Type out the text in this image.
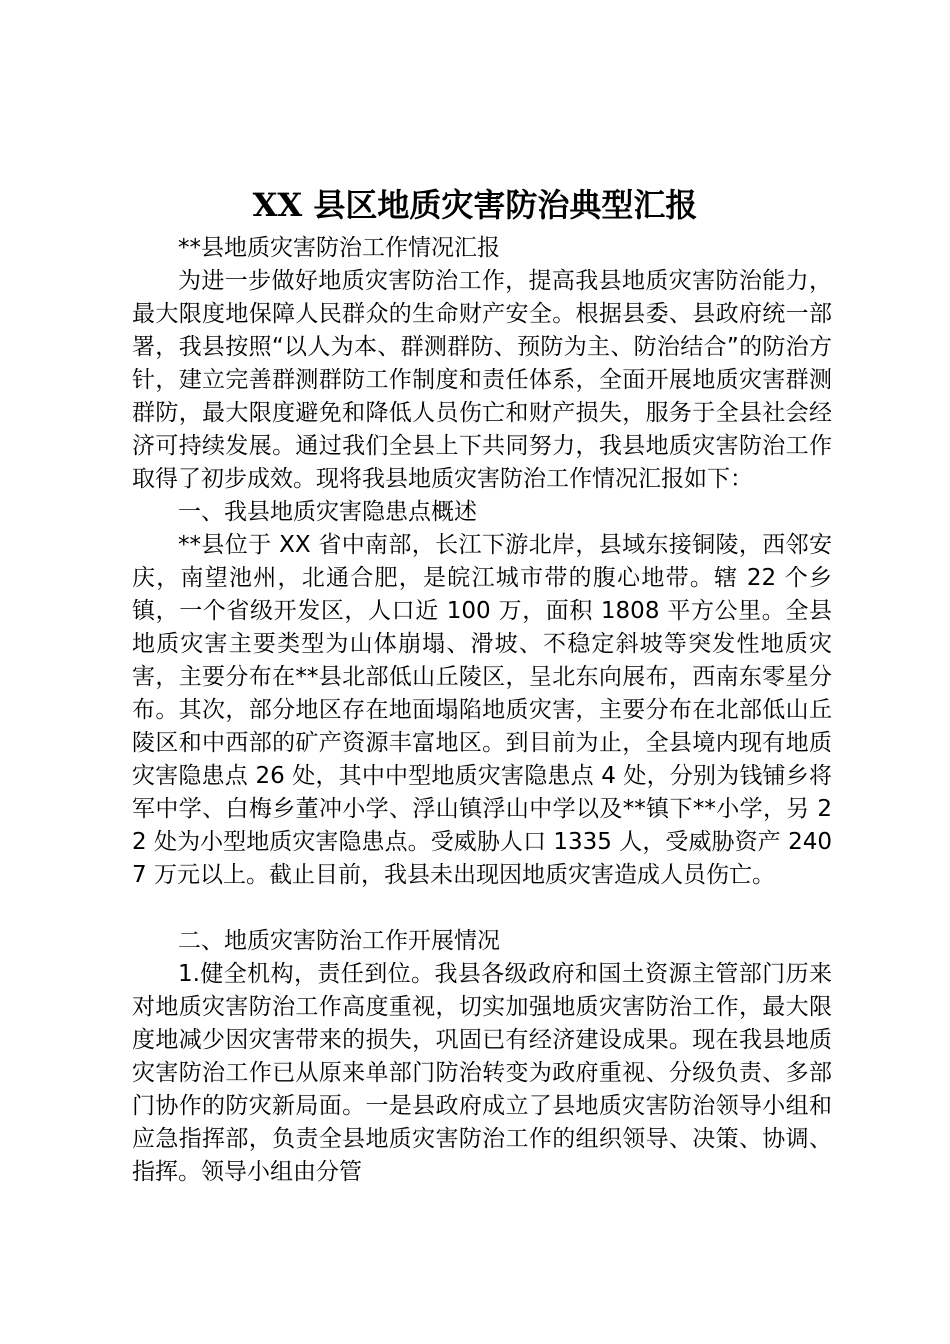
XX 县区地质灾害防治典型汇报

**县地质灾害防治工作情况汇报

为进一步做好地质灾害防治工作，提高我县地质灾害防治能力，最大限度地保障人民群众的生命财产安全。根据县委、县政府统一部署，我县按照“以人为本、群测群防、预防为主、防治结合”的防治方针，建立完善群测群防工作制度和责任体系，全面开展地质灾害群测群防，最大限度避免和降低人员伤亡和财产损失，服务于全县社会经济可持续发展。通过我们全县上下共同努力，我县地质灾害防治工作取得了初步成效。现将我县地质灾害防治工作情况汇报如下：

一、我县地质灾害隐患点概述

**县位于 XX 省中南部，长江下游北岸，县域东接铜陵，西邻安庆，南望池州，北通合肥，是皖江城市带的腹心地带。辖 22 个乡镇，一个省级开发区，人口近 100 万，面积 1808 平方公里。全县地质灾害主要类型为山体崩塌、滑坡、不稳定斜坡等突发性地质灾害，主要分布在**县北部低山丘陵区，呈北东向展布，西南东零星分布。其次，部分地区存在地面塌陷地质灾害，主要分布在北部低山丘陵区和中西部的矿产资源丰富地区。到目前为止，全县境内现有地质灾害隐患点 26 处，其中中型地质灾害隐患点 4 处，分别为钱铺乡将军中学、白梅乡董冲小学、浮山镇浮山中学以及**镇下**小学，另 22 处为小型地质灾害隐患点。受威胁人口 1335 人，受威胁资产 2407 万元以上。截止目前，我县未出现因地质灾害造成人员伤亡。

二、地质灾害防治工作开展情况

1.健全机构，责任到位。我县各级政府和国土资源主管部门历来对地质灾害防治工作高度重视，切实加强地质灾害防治工作，最大限度地减少因灾害带来的损失，巩固已有经济建设成果。现在我县地质灾害防治工作已从原来单部门防治转变为政府重视、分级负责、多部门协作的防灾新局面。一是县政府成立了县地质灾害防治领导小组和应急指挥部，负责全县地质灾害防治工作的组织领导、决策、协调、指挥。领导小组由分管
